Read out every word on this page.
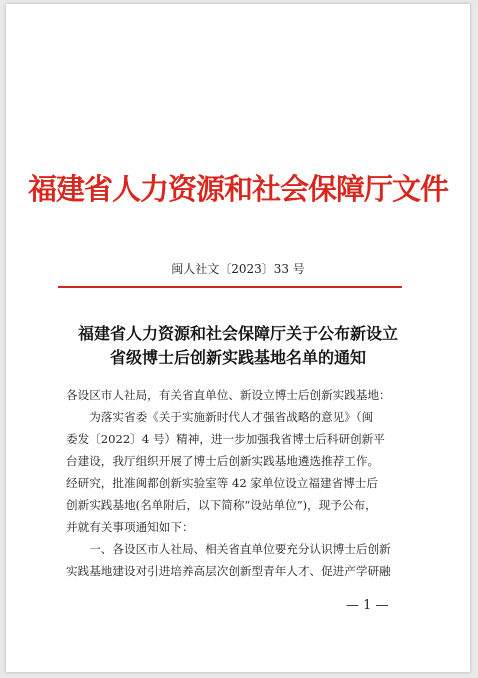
福建省人力资源和社会保障厅文件
闽人社文〔2023〕33 号
福建省人力资源和社会保障厅关于公布新设立
省级博士后创新实践基地名单的通知

各设区市人社局，有关省直单位、新设立博士后创新实践基地：

为落实省委《关于实施新时代人才强省战略的意见》（闽

委发〔2022〕4 号）精神，进一步加强我省博士后科研创新平

台建设，我厅组织开展了博士后创新实践基地遴选推荐工作。

经研究，批准闽都创新实验室等 42 家单位设立福建省博士后

创新实践基地(名单附后，以下简称“设站单位”)，现予公布，

并就有关事项通知如下：

一、各设区市人社局、相关省直单位要充分认识博士后创新

实践基地建设对引进培养高层次创新型青年人才、促进产学研融

— 1 —
